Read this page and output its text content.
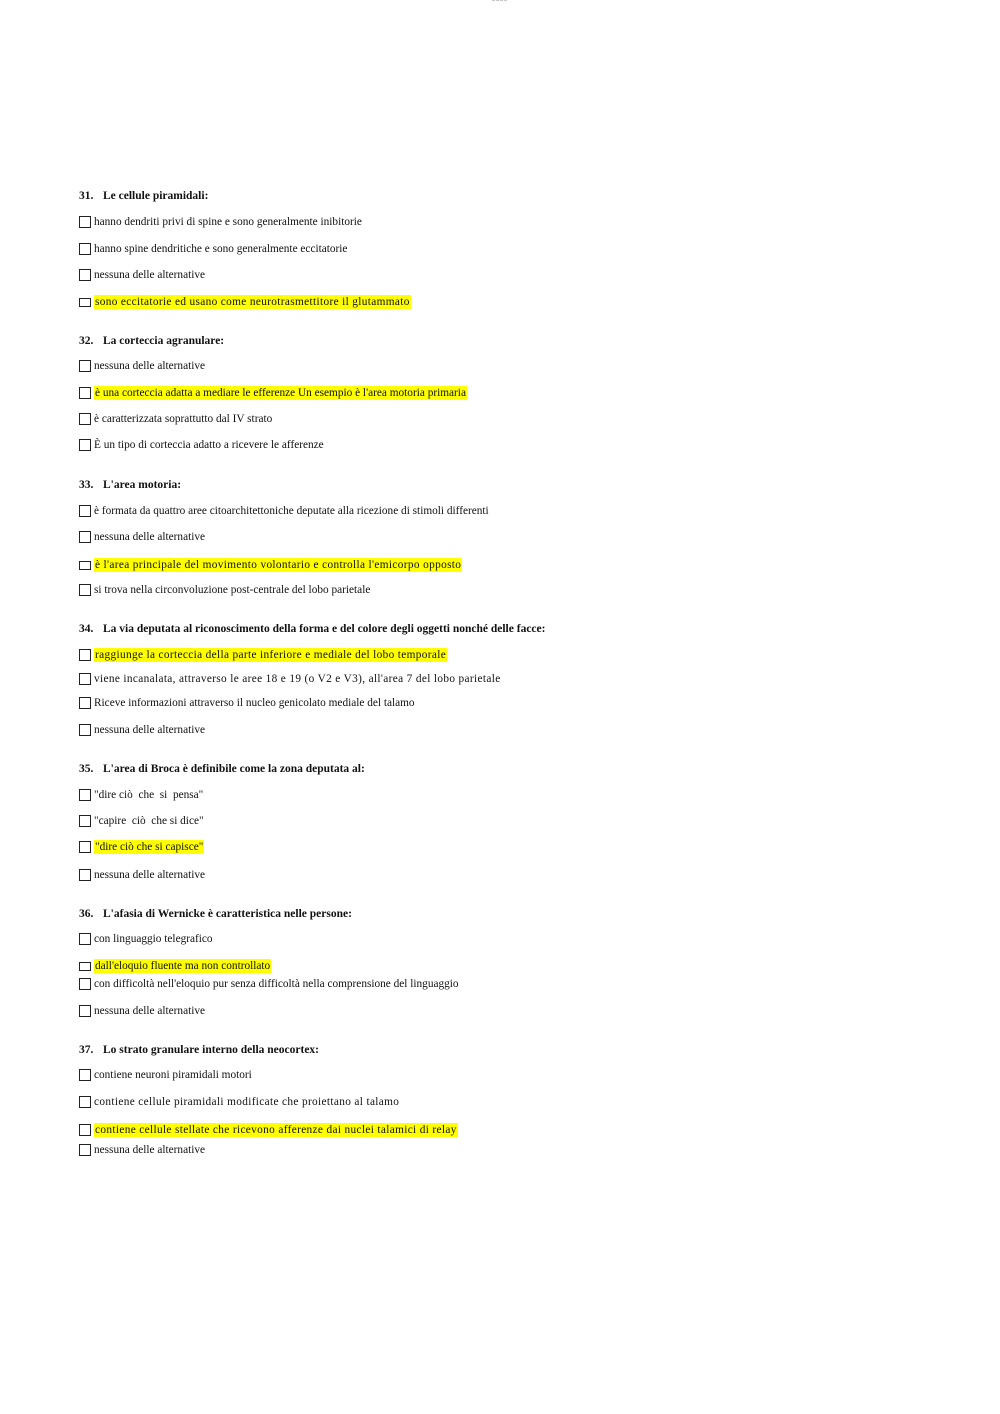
31. Le cellule piramidali:
hanno dendriti privi di spine e sono generalmente inibitorie
hanno spine dendritiche e sono generalmente eccitatorie
nessuna delle alternative
sono eccitatorie ed usano come neurotrasmettitore il glutammato
32. La corteccia agranulare:
nessuna delle alternative
è una corteccia adatta a mediare le efferenze Un esempio è l'area motoria primaria
è caratterizzata soprattutto dal IV strato
È un tipo di corteccia adatto a ricevere le afferenze
33. L'area motoria:
è formata da quattro aree citoarchitettoniche deputate alla ricezione di stimoli differenti
nessuna delle alternative
è l'area principale del movimento volontario e controlla l'emicorpo opposto
si trova nella circonvoluzione post-centrale del lobo parietale
34. La via deputata al riconoscimento della forma e del colore degli oggetti nonché delle facce:
raggiunge la corteccia della parte inferiore e mediale del lobo temporale
viene incanalata, attraverso le aree 18 e 19 (o V2 e V3), all'area 7 del lobo parietale
Riceve informazioni attraverso il nucleo genicolato mediale del talamo
nessuna delle alternative
35. L'area di Broca è definibile come la zona deputata al:
"dire ciò  che  si  pensa"
"capire  ciò  che si dice"
"dire ciò che si capisce"
nessuna delle alternative
36. L'afasia di Wernicke è caratteristica nelle persone:
con linguaggio telegrafico
dall'eloquio fluente ma non controllato
con difficoltà nell'eloquio pur senza difficoltà nella comprensione del linguaggio
nessuna delle alternative
37. Lo strato granulare interno della neocortex:
contiene neuroni piramidali motori
contiene cellule piramidali modificate che proiettano al talamo
contiene cellule stellate che ricevono afferenze dai nuclei talamici di relay
nessuna delle alternative
